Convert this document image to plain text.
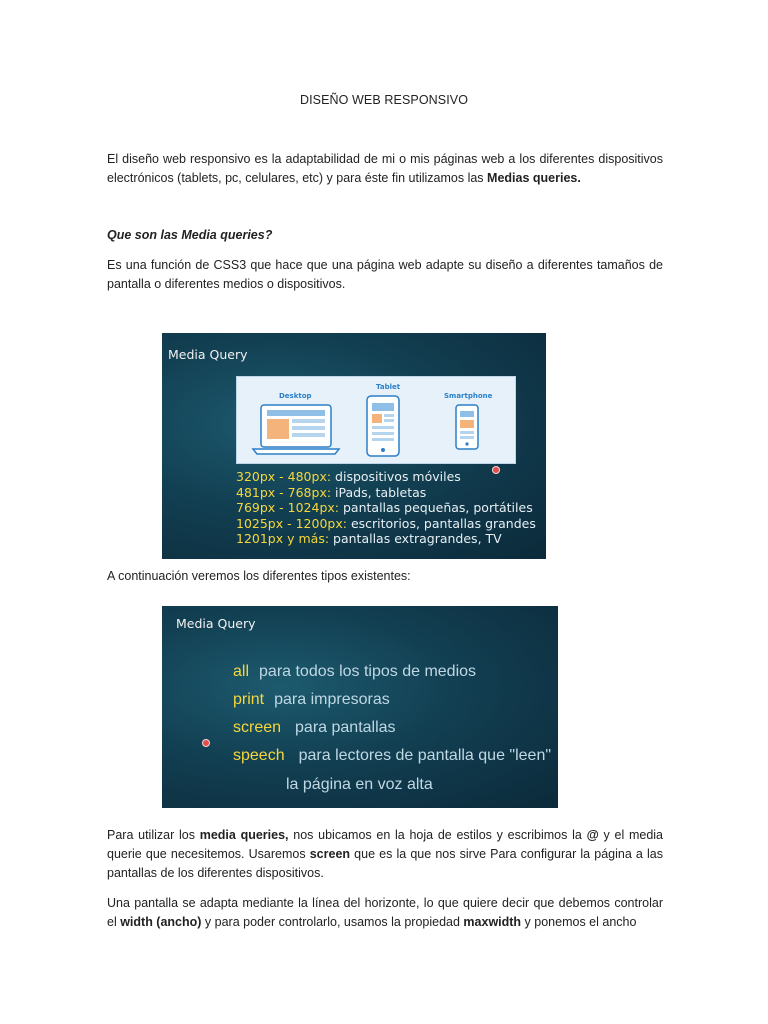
DISEÑO WEB RESPONSIVO
El diseño web responsivo es la adaptabilidad de mi o mis páginas web a los diferentes dispositivos electrónicos (tablets, pc, celulares, etc) y para éste fin utilizamos las Medias queries.
Que son las Media queries?
Es una función de CSS3 que hace que una página web adapte su diseño a diferentes tamaños de pantalla o diferentes medios o dispositivos.
Media Query
Desktop
Tablet
Smartphone
320px - 480px: dispositivos móviles
481px - 768px: iPads, tabletas
769px - 1024px: pantallas pequeñas, portátiles
1025px - 1200px: escritorios, pantallas grandes
1201px y más: pantallas extragrandes, TV
A continuación veremos los diferentes tipos existentes:
Media Query
all para todos los tipos de medios
print para impresoras
screen para pantallas
speech para lectores de pantalla que "leen"
la página en voz alta
Para utilizar los media queries, nos ubicamos en la hoja de estilos y escribimos la @ y el media querie que necesitemos. Usaremos screen que es la que nos sirve Para configurar la página a las pantallas de los diferentes dispositivos.
Una pantalla se adapta mediante la línea del horizonte, lo que quiere decir que debemos controlar el width (ancho) y para poder controlarlo, usamos la propiedad maxwidth y ponemos el ancho
